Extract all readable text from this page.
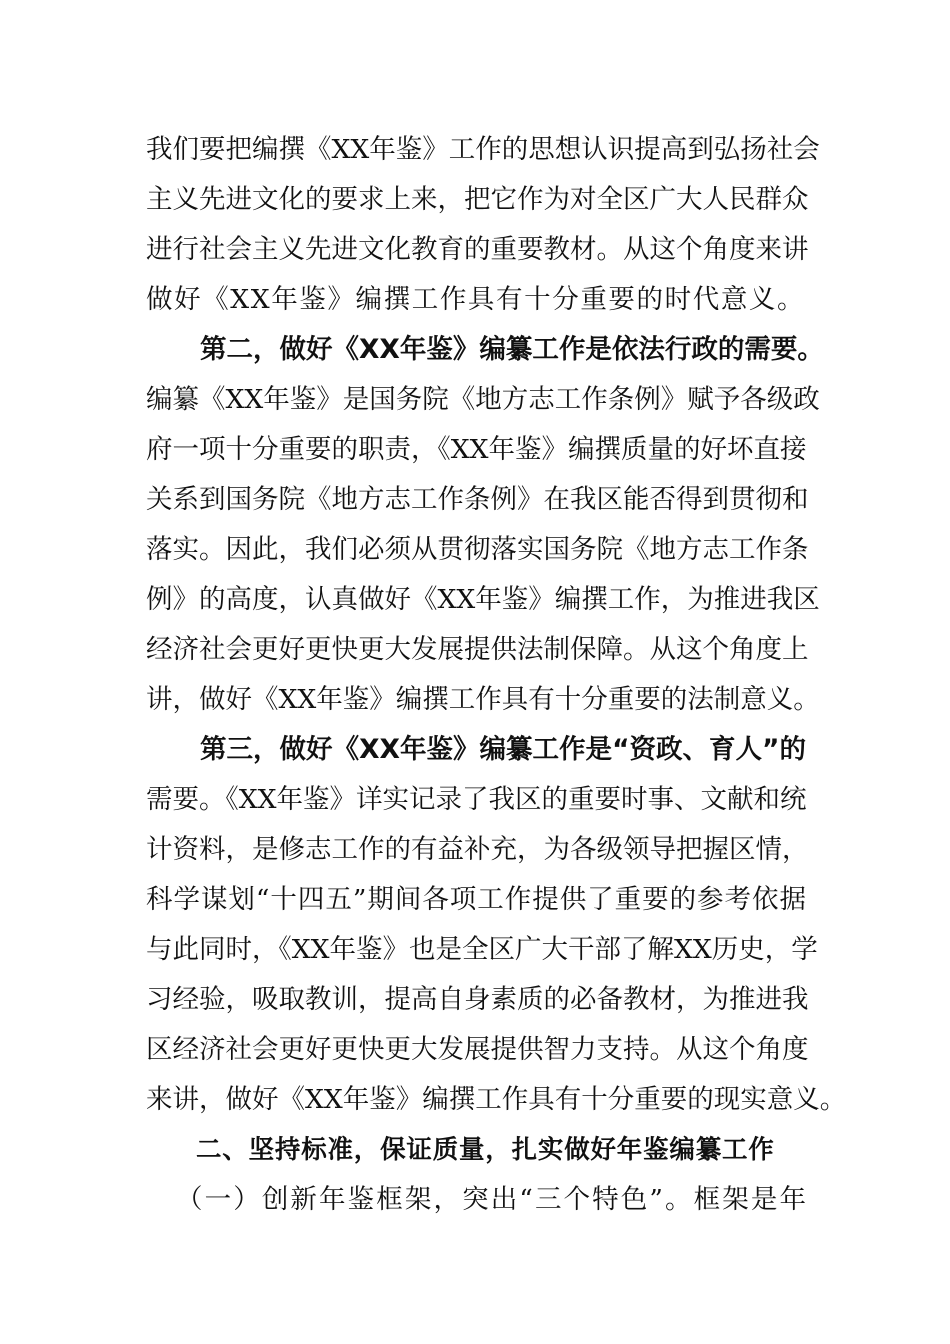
我们要把编撰《XX年鉴》工作的思想认识提高到弘扬社会
主义先进文化的要求上来，把它作为对全区广大人民群众
进行社会主义先进文化教育的重要教材。从这个角度来讲
做好《XX年鉴》编撰工作具有十分重要的时代意义。
第二，做好《XX年鉴》编纂工作是依法行政的需要。
编纂《XX年鉴》是国务院《地方志工作条例》赋予各级政
府一项十分重要的职责，《XX年鉴》编撰质量的好坏直接
关系到国务院《地方志工作条例》在我区能否得到贯彻和
落实。因此，我们必须从贯彻落实国务院《地方志工作条
例》的高度，认真做好《XX年鉴》编撰工作，为推进我区
经济社会更好更快更大发展提供法制保障。从这个角度上
讲，做好《XX年鉴》编撰工作具有十分重要的法制意义。
第三，做好《XX年鉴》编纂工作是“资政、育人”的
需要。《XX年鉴》详实记录了我区的重要时事、文献和统
计资料，是修志工作的有益补充，为各级领导把握区情，
科学谋划“十四五”期间各项工作提供了重要的参考依据
与此同时，《XX年鉴》也是全区广大干部了解XX历史，学
习经验，吸取教训，提高自身素质的必备教材，为推进我
区经济社会更好更快更大发展提供智力支持。从这个角度
来讲，做好《XX年鉴》编撰工作具有十分重要的现实意义。
二、坚持标准，保证质量，扎实做好年鉴编纂工作
（一）创新年鉴框架，突出“三个特色”。框架是年
